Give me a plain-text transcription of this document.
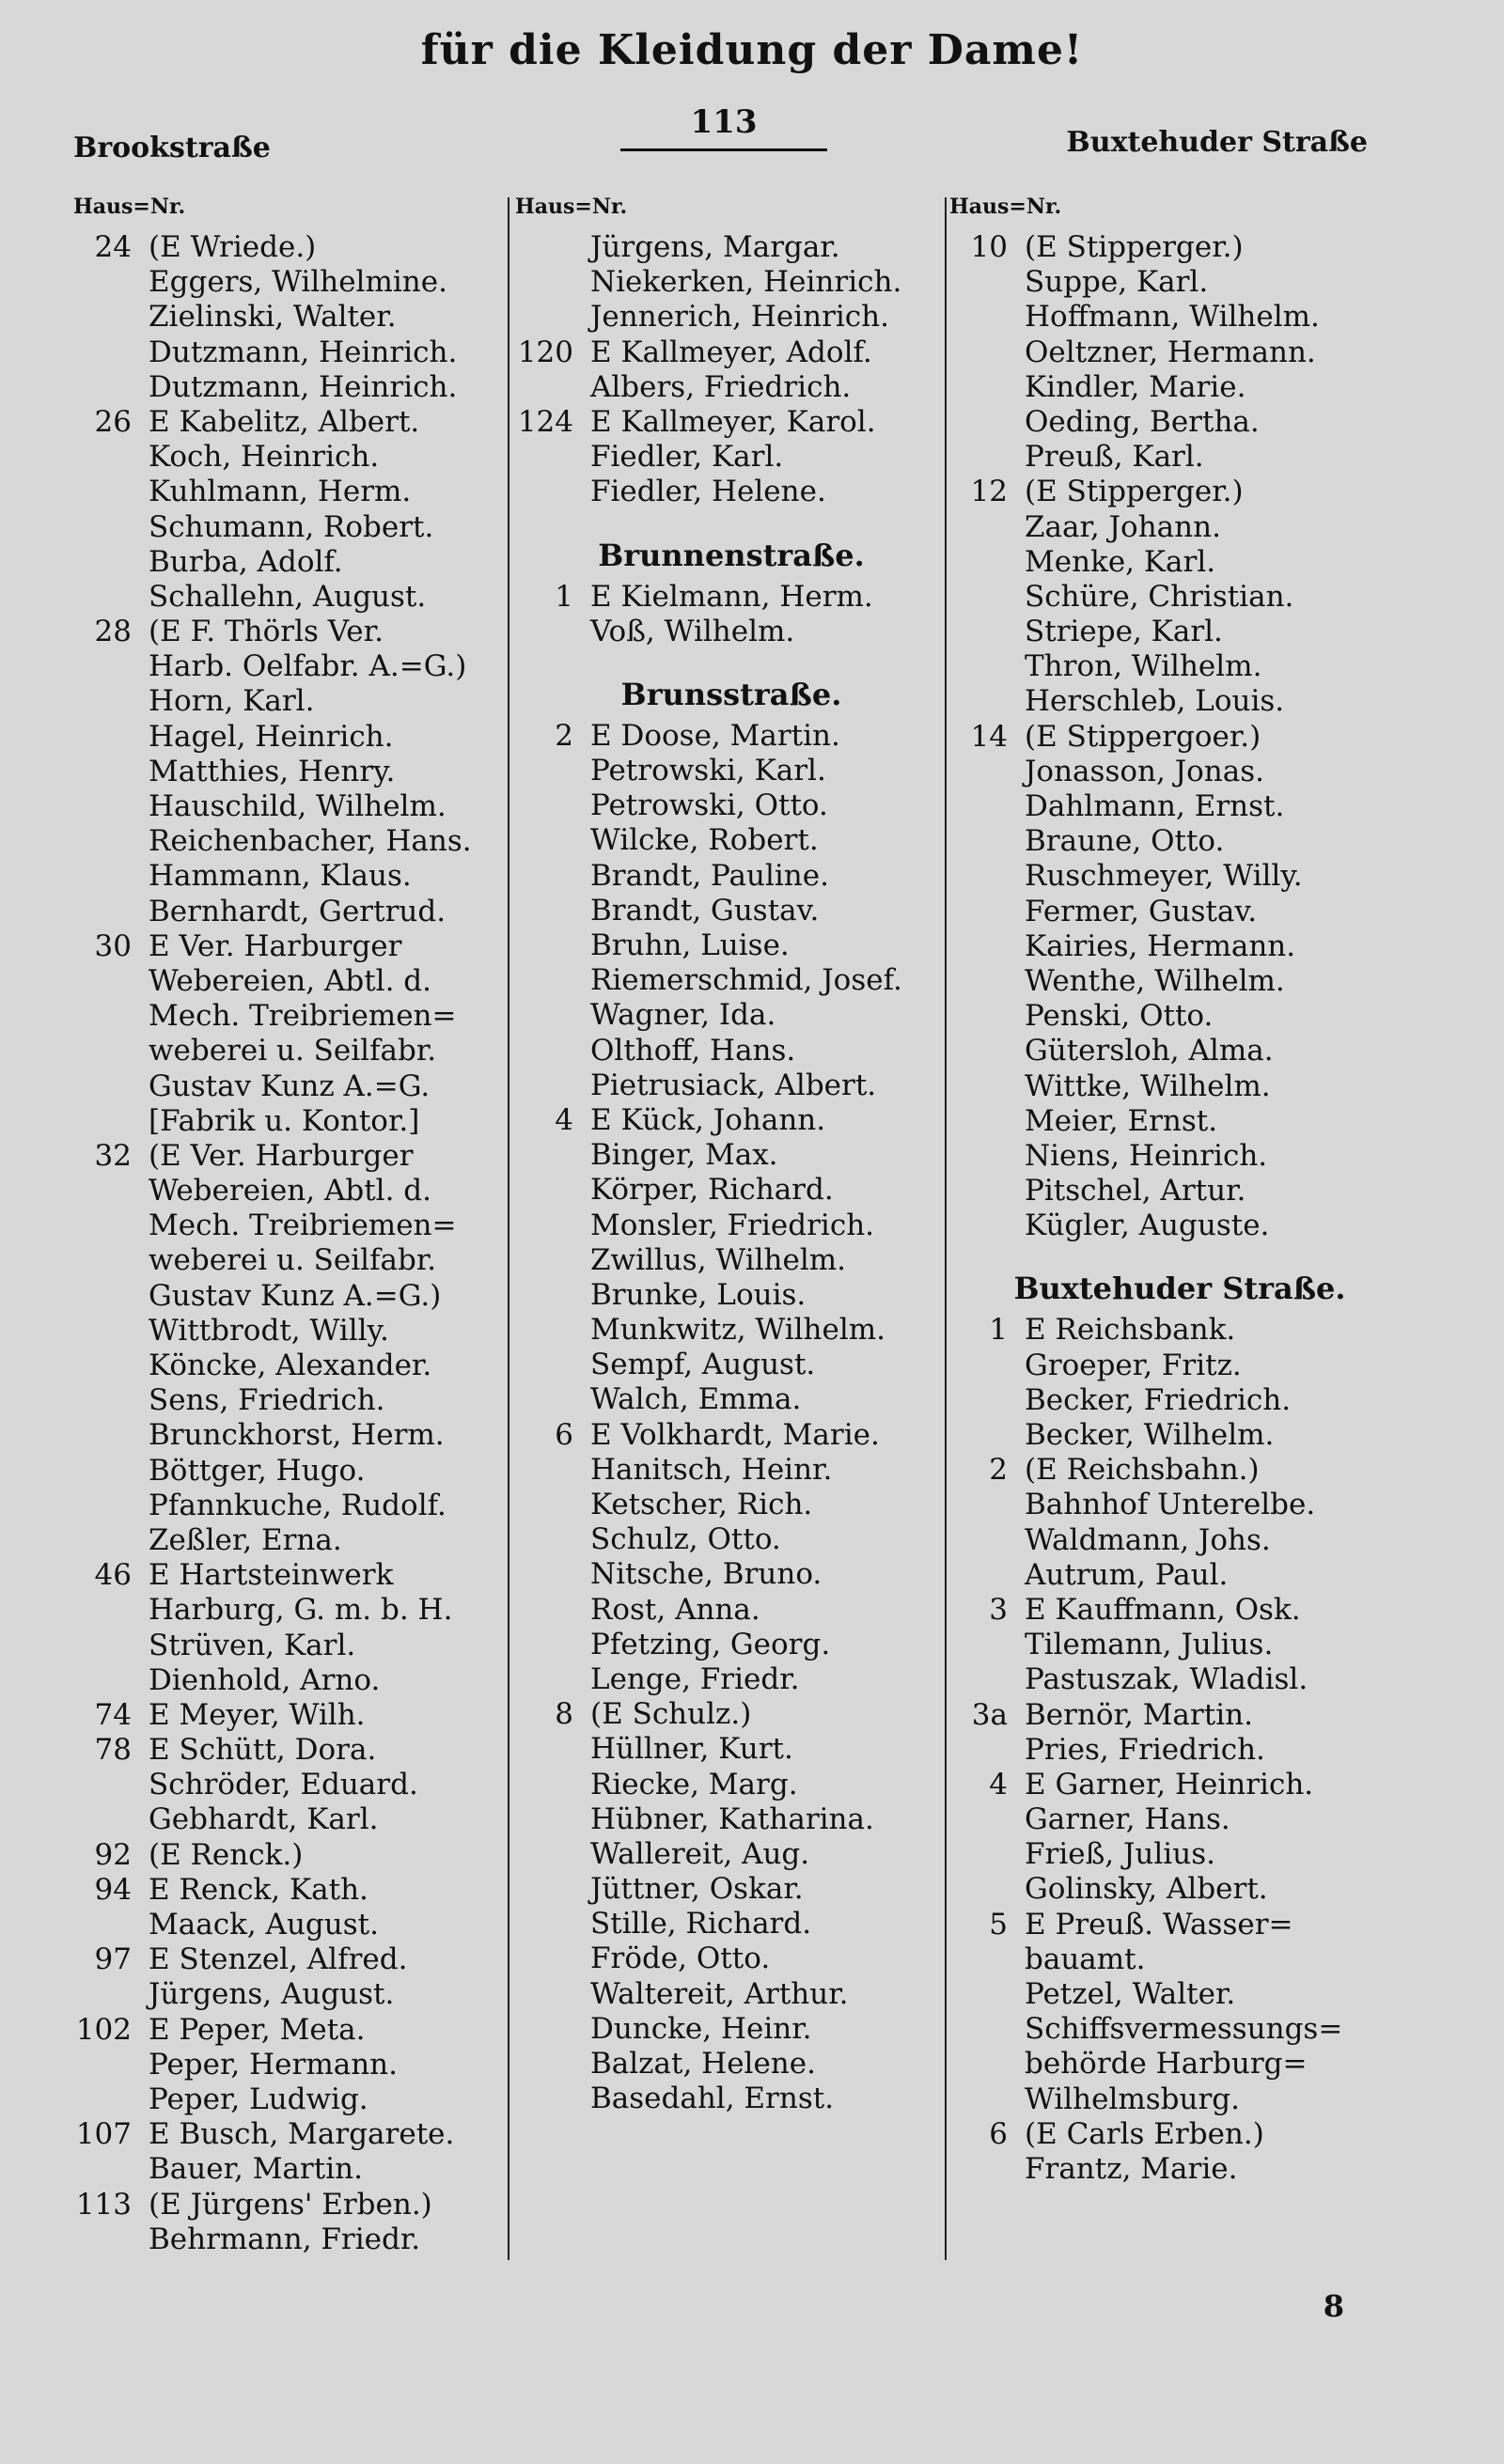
für die Kleidung der Dame!
Brookstraße
113
Buxtehuder Straße
Haus=Nr.
24 (E Wriede.)
Eggers, Wilhelmine.
Zielinski, Walter.
Dutzmann, Heinrich.
Dutzmann, Heinrich.
26 E Kabelitz, Albert.
Koch, Heinrich.
Kuhlmann, Herm.
Schumann, Robert.
Burba, Adolf.
Schallehn, August.
28 (E F. Thörls Ver.
Harb. Oelfabr. A.=G.)
Horn, Karl.
Hagel, Heinrich.
Matthies, Henry.
Hauschild, Wilhelm.
Reichenbacher, Hans.
Hammann, Klaus.
Bernhardt, Gertrud.
30 E Ver. Harburger
Webereien, Abtl. d.
Mech. Treibriemen=
weberei u. Seilfabr.
Gustav Kunz A.=G.
[Fabrik u. Kontor.]
32 (E Ver. Harburger
Webereien, Abtl. d.
Mech. Treibriemen=
weberei u. Seilfabr.
Gustav Kunz A.=G.)
Wittbrodt, Willy.
Köncke, Alexander.
Sens, Friedrich.
Brunckhorst, Herm.
Böttger, Hugo.
Pfannkuche, Rudolf.
Zeßler, Erna.
46 E Hartsteinwerk
Harburg, G. m. b. H.
Strüven, Karl.
Dienhold, Arno.
74 E Meyer, Wilh.
78 E Schütt, Dora.
Schröder, Eduard.
Gebhardt, Karl.
92 (E Renck.)
94 E Renck, Kath.
Maack, August.
97 E Stenzel, Alfred.
Jürgens, August.
102 E Peper, Meta.
Peper, Hermann.
Peper, Ludwig.
107 E Busch, Margarete.
Bauer, Martin.
113 (E Jürgens' Erben.)
Behrmann, Friedr.
Haus=Nr.
Jürgens, Margar.
Niekerken, Heinrich.
Jennerich, Heinrich.
120 E Kallmeyer, Adolf.
Albers, Friedrich.
124 E Kallmeyer, Karol.
Fiedler, Karl.
Fiedler, Helene.
Brunnenstraße.
1 E Kielmann, Herm.
Voß, Wilhelm.
Brunsstraße.
2 E Doose, Martin.
Petrowski, Karl.
Petrowski, Otto.
Wilcke, Robert.
Brandt, Pauline.
Brandt, Gustav.
Bruhn, Luise.
Riemerschmid, Josef.
Wagner, Ida.
Olthoff, Hans.
Pietrusiack, Albert.
4 E Kück, Johann.
Binger, Max.
Körper, Richard.
Monsler, Friedrich.
Zwillus, Wilhelm.
Brunke, Louis.
Munkwitz, Wilhelm.
Sempf, August.
Walch, Emma.
6 E Volkhardt, Marie.
Hanitsch, Heinr.
Ketscher, Rich.
Schulz, Otto.
Nitsche, Bruno.
Rost, Anna.
Pfetzing, Georg.
Lenge, Friedr.
8 (E Schulz.)
Hüllner, Kurt.
Riecke, Marg.
Hübner, Katharina.
Wallereit, Aug.
Jüttner, Oskar.
Stille, Richard.
Fröde, Otto.
Waltereit, Arthur.
Duncke, Heinr.
Balzat, Helene.
Basedahl, Ernst.
Haus=Nr.
10 (E Stipperger.)
Suppe, Karl.
Hoffmann, Wilhelm.
Oeltzner, Hermann.
Kindler, Marie.
Oeding, Bertha.
Preuß, Karl.
12 (E Stipperger.)
Zaar, Johann.
Menke, Karl.
Schüre, Christian.
Striepe, Karl.
Thron, Wilhelm.
Herschleb, Louis.
14 (E Stippergoer.)
Jonasson, Jonas.
Dahlmann, Ernst.
Braune, Otto.
Ruschmeyer, Willy.
Fermer, Gustav.
Kairies, Hermann.
Wenthe, Wilhelm.
Penski, Otto.
Gütersloh, Alma.
Wittke, Wilhelm.
Meier, Ernst.
Niens, Heinrich.
Pitschel, Artur.
Kügler, Auguste.
Buxtehuder Straße.
1 E Reichsbank.
Groeper, Fritz.
Becker, Friedrich.
Becker, Wilhelm.
2 (E Reichsbahn.)
Bahnhof Unterelbe.
Waldmann, Johs.
Autrum, Paul.
3 E Kauffmann, Osk.
Tilemann, Julius.
Pastuszak, Wladisl.
3a Bernör, Martin.
Pries, Friedrich.
4 E Garner, Heinrich.
Garner, Hans.
Frieß, Julius.
Golinsky, Albert.
5 E Preuß. Wasser=
bauamt.
Petzel, Walter.
Schiffsvermessungs=
behörde Harburg=
Wilhelmsburg.
6 (E Carls Erben.)
Frantz, Marie.
8
